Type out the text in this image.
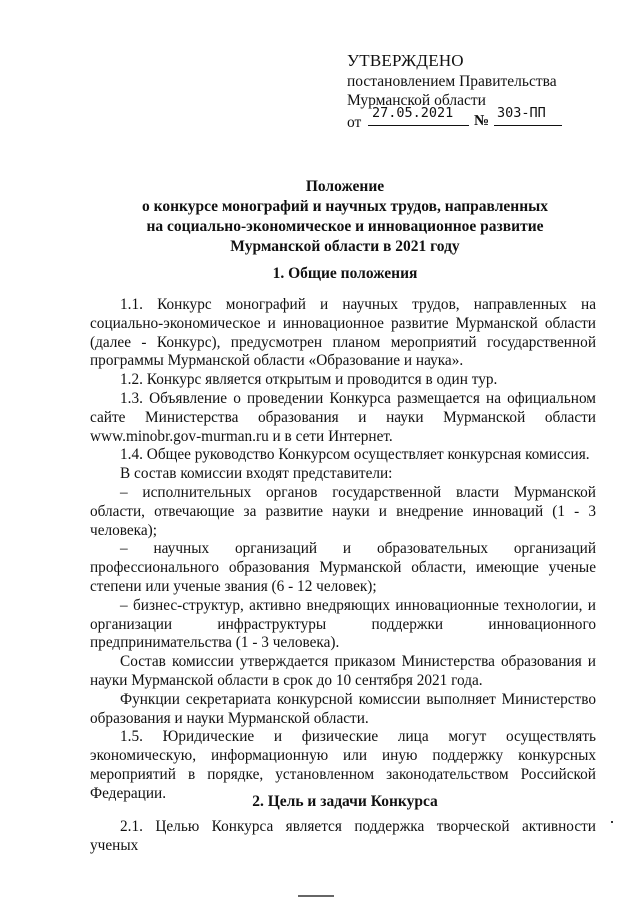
УТВЕРЖДЕНО
постановлением Правительства
Мурманской области
от
27.05.2021	№ 303-ПП
Положение
о конкурсе монографий и научных трудов, направленных
на социально-экономическое и инновационное развитие
Мурманской области в 2021 году
1. Общие положения

1.1. Конкурс монографий и научных трудов, направленных на социально-экономическое и инновационное развитие Мурманской области (далее - Конкурс), предусмотрен планом мероприятий государственной программы Мурманской области «Образование и наука».

1.2. Конкурс является открытым и проводится в один тур.

1.3. Объявление о проведении Конкурса размещается на официальном сайте Министерства образования и науки Мурманской области www.minobr.gov-murman.ru и в сети Интернет.

1.4. Общее руководство Конкурсом осуществляет конкурсная комиссия.

В состав комиссии входят представители:

– исполнительных органов государственной власти Мурманской области, отвечающие за развитие науки и внедрение инноваций (1 - 3 человека);

– научных организаций и образовательных организаций профессионального образования Мурманской области, имеющие ученые степени или ученые звания (6 - 12 человек);

– бизнес-структур, активно внедряющих инновационные технологии, и организации инфраструктуры поддержки инновационного предпринимательства (1 - 3 человека).

Состав комиссии утверждается приказом Министерства образования и науки Мурманской области в срок до 10 сентября 2021 года.

Функции секретариата конкурсной комиссии выполняет Министерство образования и науки Мурманской области.

1.5. Юридические и физические лица могут осуществлять экономическую, информационную или иную поддержку конкурсных мероприятий в порядке, установленном законодательством Российской Федерации.	2. Цель и задачи Конкурса

2.1. Целью Конкурса является поддержка творческой активности ученых
